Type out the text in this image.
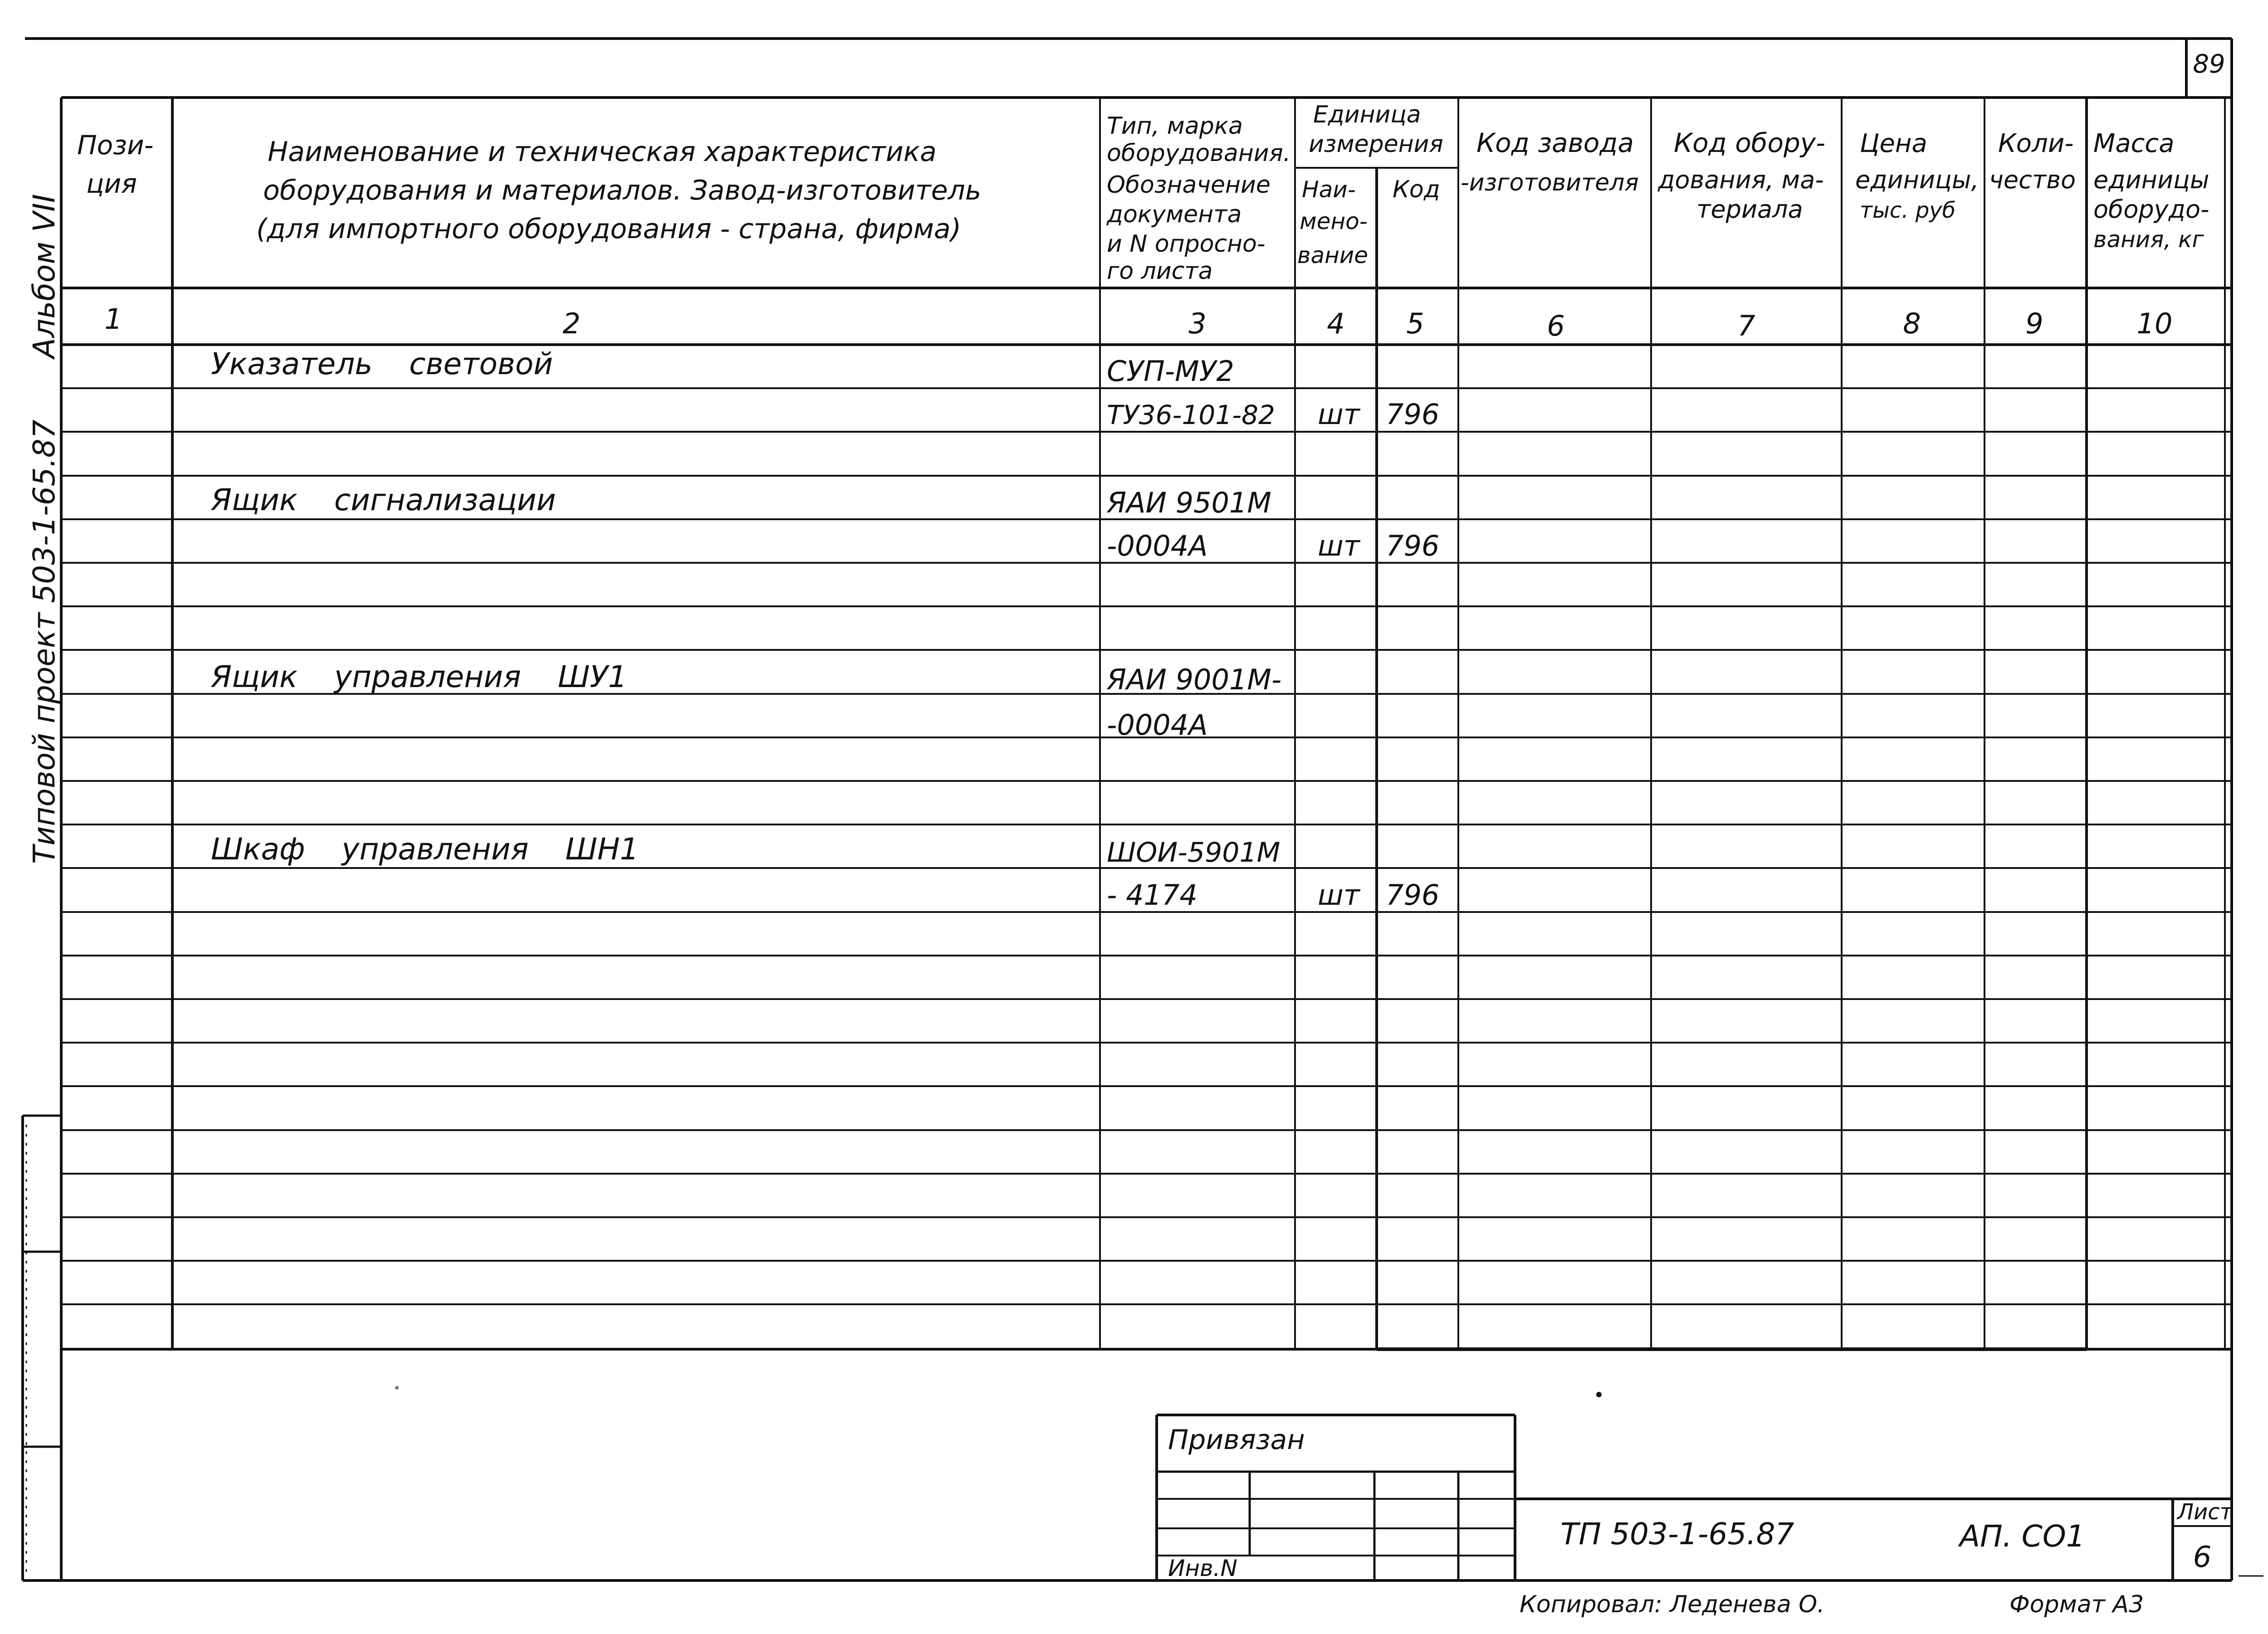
89
Альбом VII
Типовой проект 503-1-65.87
Пози-
ция
Наименование и техническая характеристика
оборудования и материалов. Завод-изготовитель
(для импортного оборудования - страна, фирма)
Тип, марка
оборудования.
Обозначение
документа
и N опросно-
го листа
Единица
измерения
Наи-
мено-
вание
Код
Код завода
-изготовителя
Код обору-
дования, ма-
териала
Цена
единицы,
тыс. руб
Коли-
чество
Масса
единицы
оборудо-
вания, кг
1	2	3	4 5	6	7	8	9	10
Указатель световой	СУП-МУ2
ТУ36-101-82 шт 796
Ящик сигнализации	ЯАИ 9501М
-0004А	шт 796
Ящик управления ШУ1	ЯАИ 9001М-
-0004А
Шкаф управления ШН1	ШОИ-5901М
- 4174	шт 796
Привязан
Инв.N
ТП 503-1-65.87	АП. СО1
Лист
6
Копировал: Леденева О.	Формат А3
